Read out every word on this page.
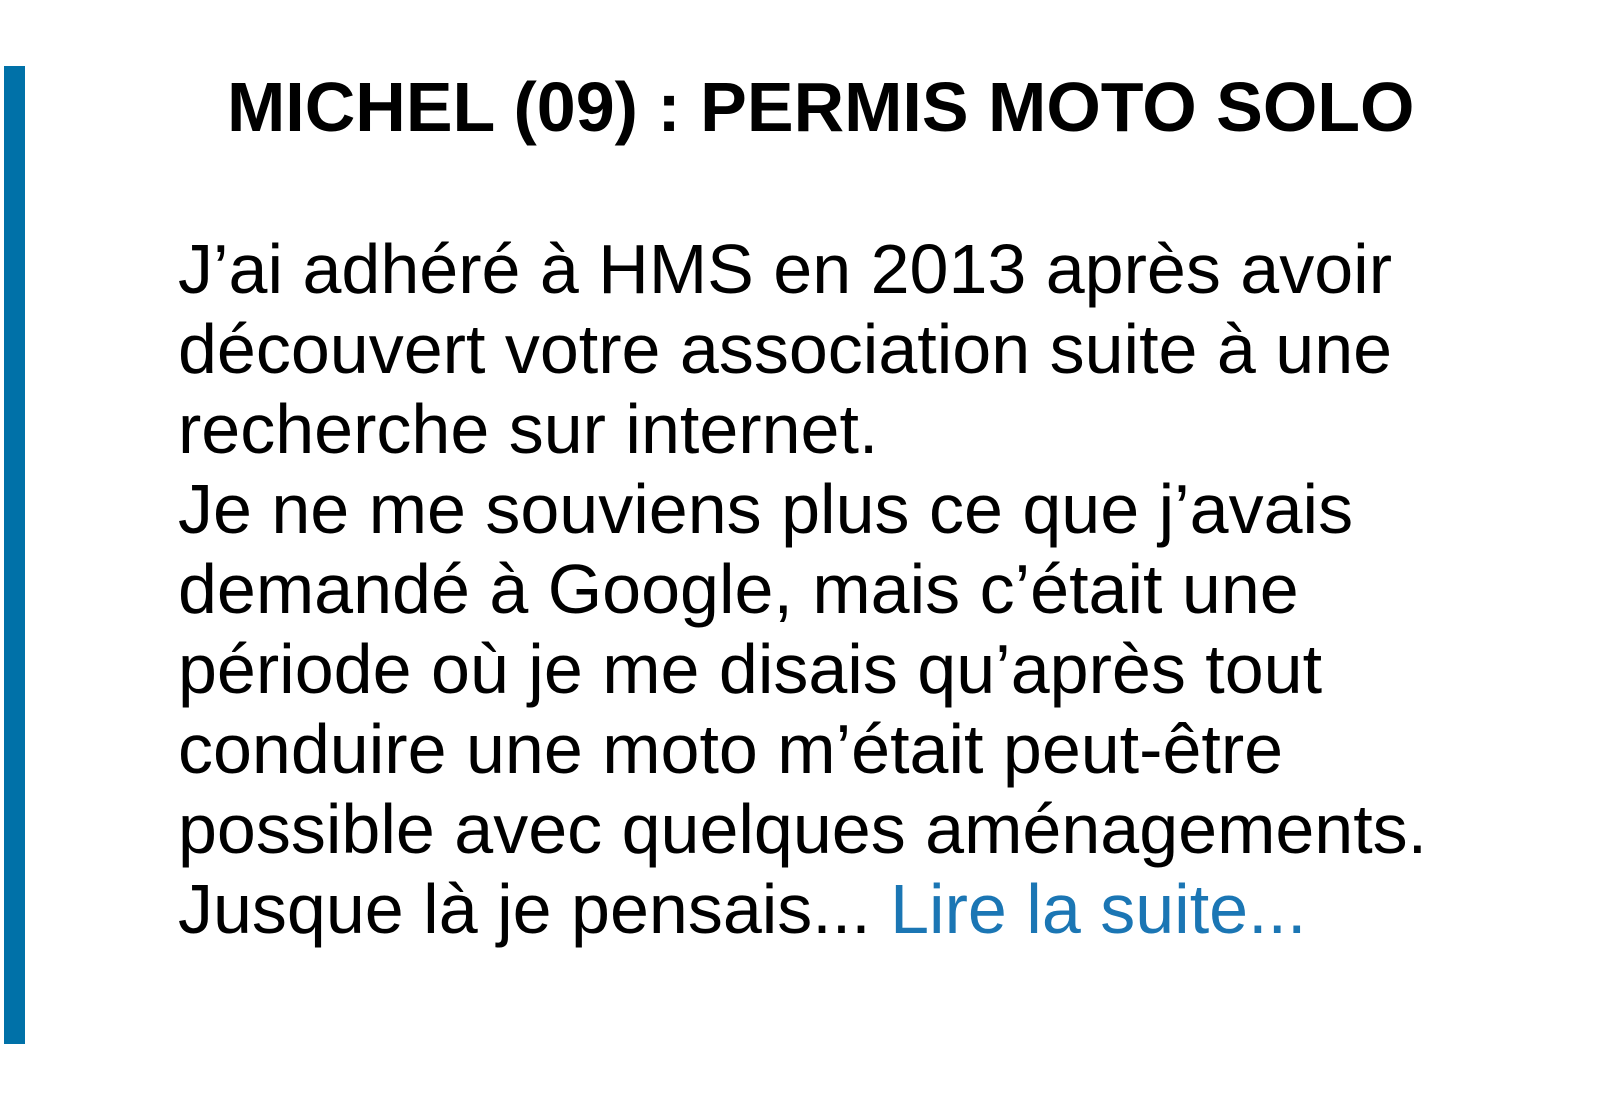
MICHEL (09) : PERMIS MOTO SOLO
J’ai adhéré à HMS en 2013 après avoir
découvert votre association suite à une
recherche sur internet.
Je ne me souviens plus ce que j’avais
demandé à Google, mais c’était une
période où je me disais qu’après tout
conduire une moto m’était peut-être
possible avec quelques aménagements.
Jusque là je pensais... Lire la suite...
